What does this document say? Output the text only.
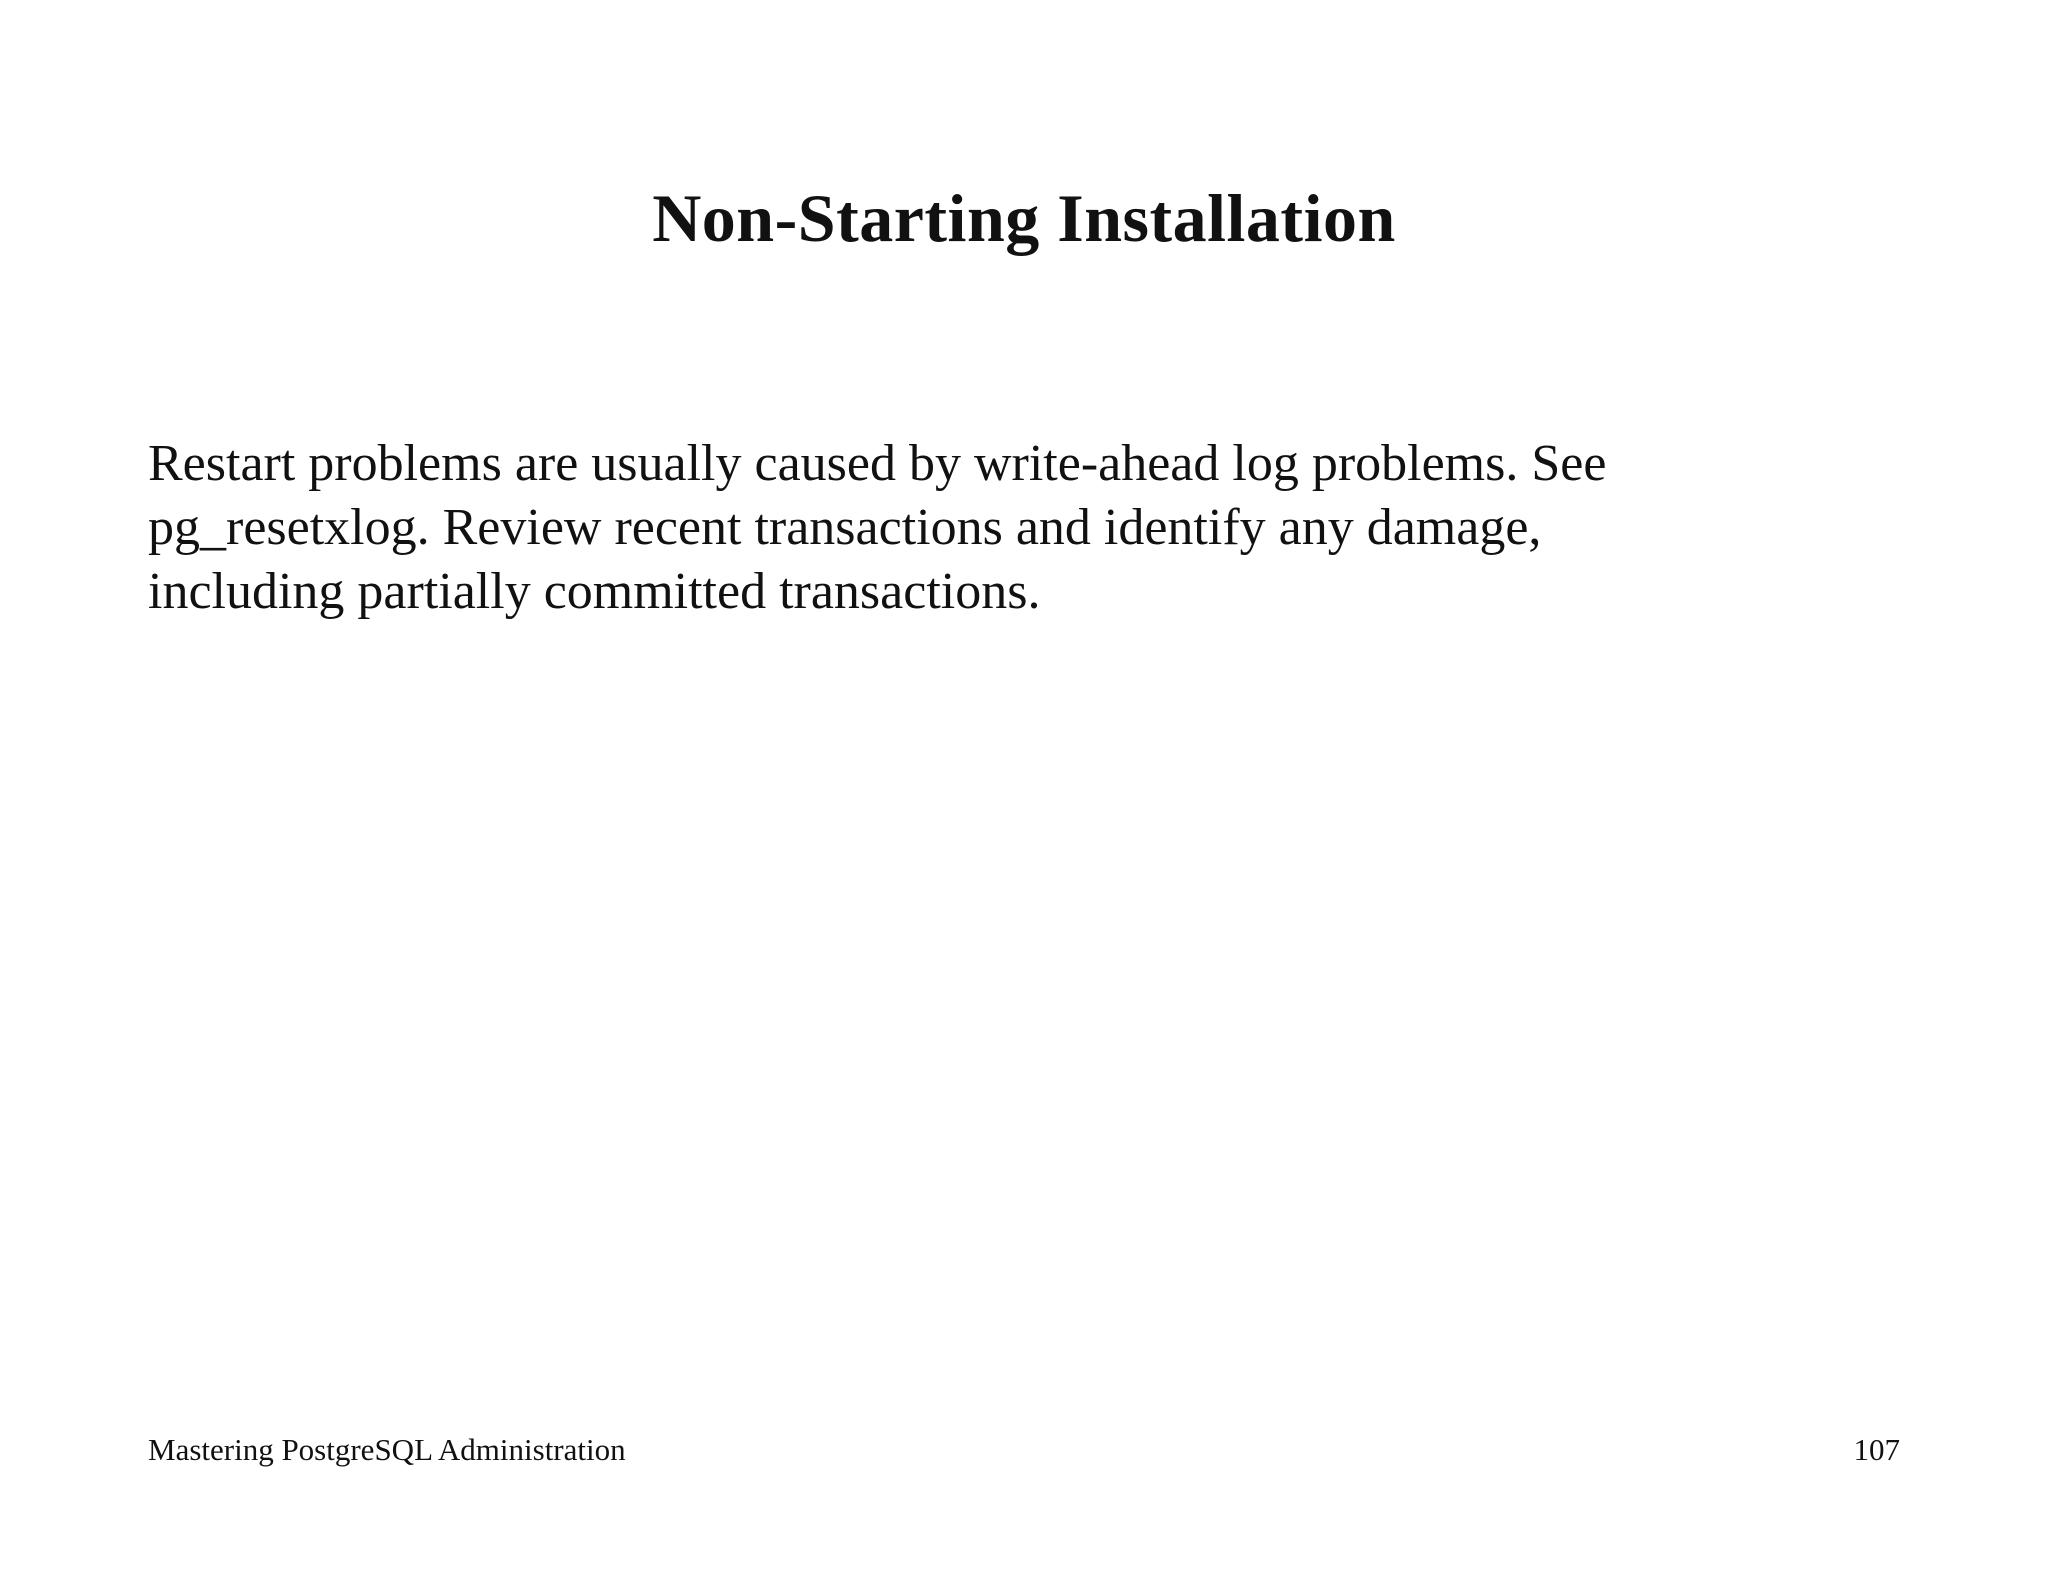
Non-Starting Installation

Restart problems are usually caused by write-ahead log problems. See
pg_resetxlog. Review recent transactions and identify any damage,
including partially committed transactions.

Mastering PostgreSQL Administration	107
